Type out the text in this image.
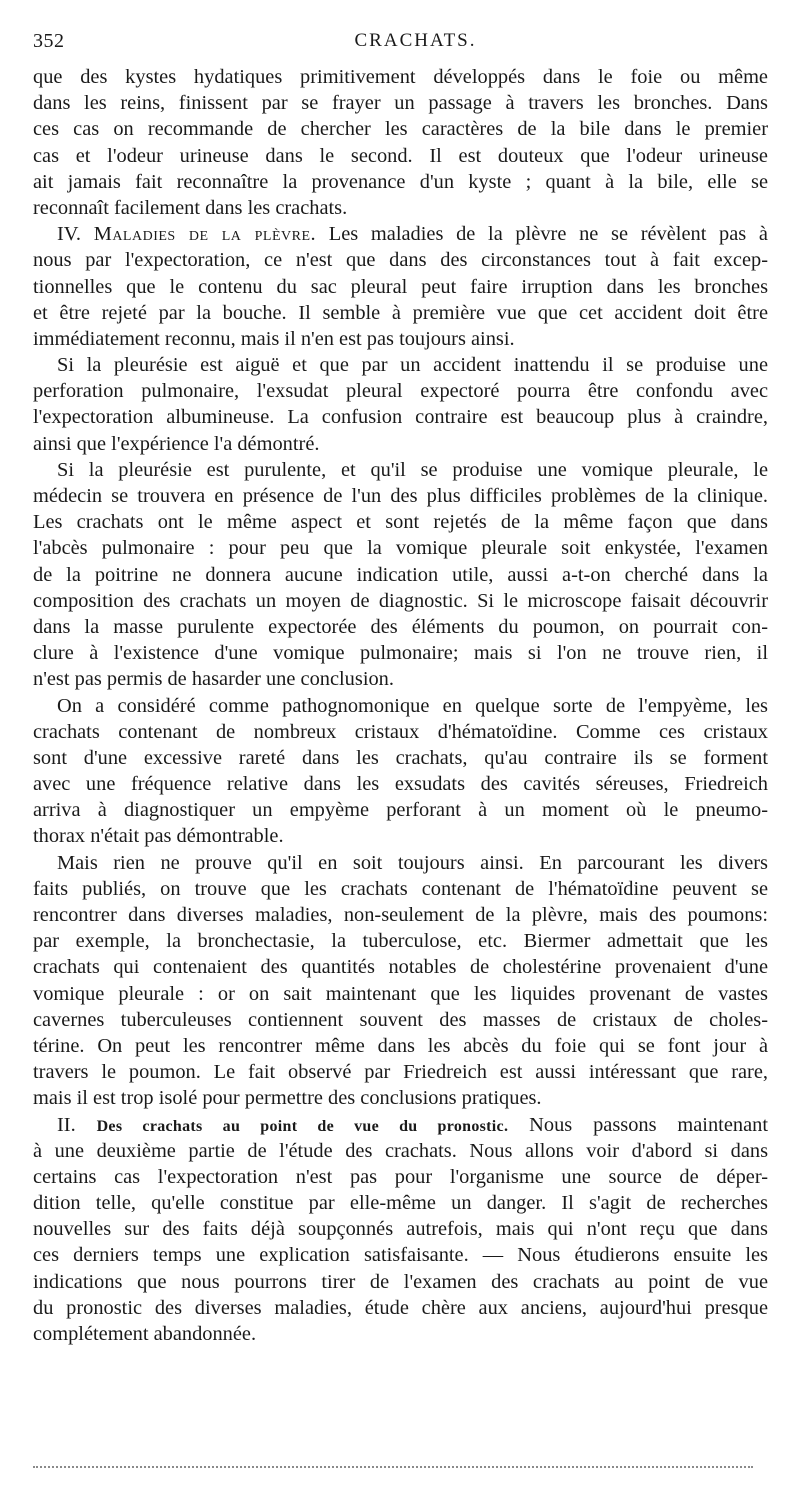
352	CRACHATS.
que des kystes hydatiques primitivement développés dans le foie ou même
dans les reins, finissent par se frayer un passage à travers les bronches. Dans
ces cas on recommande de chercher les caractères de la bile dans le premier
cas et l'odeur urineuse dans le second. Il est douteux que l'odeur urineuse
ait jamais fait reconnaître la provenance d'un kyste ; quant à la bile, elle se
reconnaît facilement dans les crachats.
IV. Maladies de la plèvre. Les maladies de la plèvre ne se révèlent pas à
nous par l'expectoration, ce n'est que dans des circonstances tout à fait excep-
tionnelles que le contenu du sac pleural peut faire irruption dans les bronches
et être rejeté par la bouche. Il semble à première vue que cet accident doit être
immédiatement reconnu, mais il n'en est pas toujours ainsi.
Si la pleurésie est aiguë et que par un accident inattendu il se produise une
perforation pulmonaire, l'exsudat pleural expectoré pourra être confondu avec
l'expectoration albumineuse. La confusion contraire est beaucoup plus à craindre,
ainsi que l'expérience l'a démontré.
Si la pleurésie est purulente, et qu'il se produise une vomique pleurale, le
médecin se trouvera en présence de l'un des plus difficiles problèmes de la clinique.
Les crachats ont le même aspect et sont rejetés de la même façon que dans
l'abcès pulmonaire : pour peu que la vomique pleurale soit enkystée, l'examen
de la poitrine ne donnera aucune indication utile, aussi a-t-on cherché dans la
composition des crachats un moyen de diagnostic. Si le microscope faisait découvrir
dans la masse purulente expectorée des éléments du poumon, on pourrait con-
clure à l'existence d'une vomique pulmonaire; mais si l'on ne trouve rien, il
n'est pas permis de hasarder une conclusion.
On a considéré comme pathognomonique en quelque sorte de l'empyème, les
crachats contenant de nombreux cristaux d'hématoïdine. Comme ces cristaux
sont d'une excessive rareté dans les crachats, qu'au contraire ils se forment
avec une fréquence relative dans les exsudats des cavités séreuses, Friedreich
arriva à diagnostiquer un empyème perforant à un moment où le pneumo-
thorax n'était pas démontrable.
Mais rien ne prouve qu'il en soit toujours ainsi. En parcourant les divers
faits publiés, on trouve que les crachats contenant de l'hématoïdine peuvent se
rencontrer dans diverses maladies, non-seulement de la plèvre, mais des poumons:
par exemple, la bronchectasie, la tuberculose, etc. Biermer admettait que les
crachats qui contenaient des quantités notables de cholestérine provenaient d'une
vomique pleurale : or on sait maintenant que les liquides provenant de vastes
cavernes tuberculeuses contiennent souvent des masses de cristaux de choles-
térine. On peut les rencontrer même dans les abcès du foie qui se font jour à
travers le poumon. Le fait observé par Friedreich est aussi intéressant que rare,
mais il est trop isolé pour permettre des conclusions pratiques.
II. Des crachats au point de vue du pronostic. Nous passons maintenant
à une deuxième partie de l'étude des crachats. Nous allons voir d'abord si dans
certains cas l'expectoration n'est pas pour l'organisme une source de déper-
dition telle, qu'elle constitue par elle-même un danger. Il s'agit de recherches
nouvelles sur des faits déjà soupçonnés autrefois, mais qui n'ont reçu que dans
ces derniers temps une explication satisfaisante. — Nous étudierons ensuite les
indications que nous pourrons tirer de l'examen des crachats au point de vue
du pronostic des diverses maladies, étude chère aux anciens, aujourd'hui presque
complétement abandonnée.
